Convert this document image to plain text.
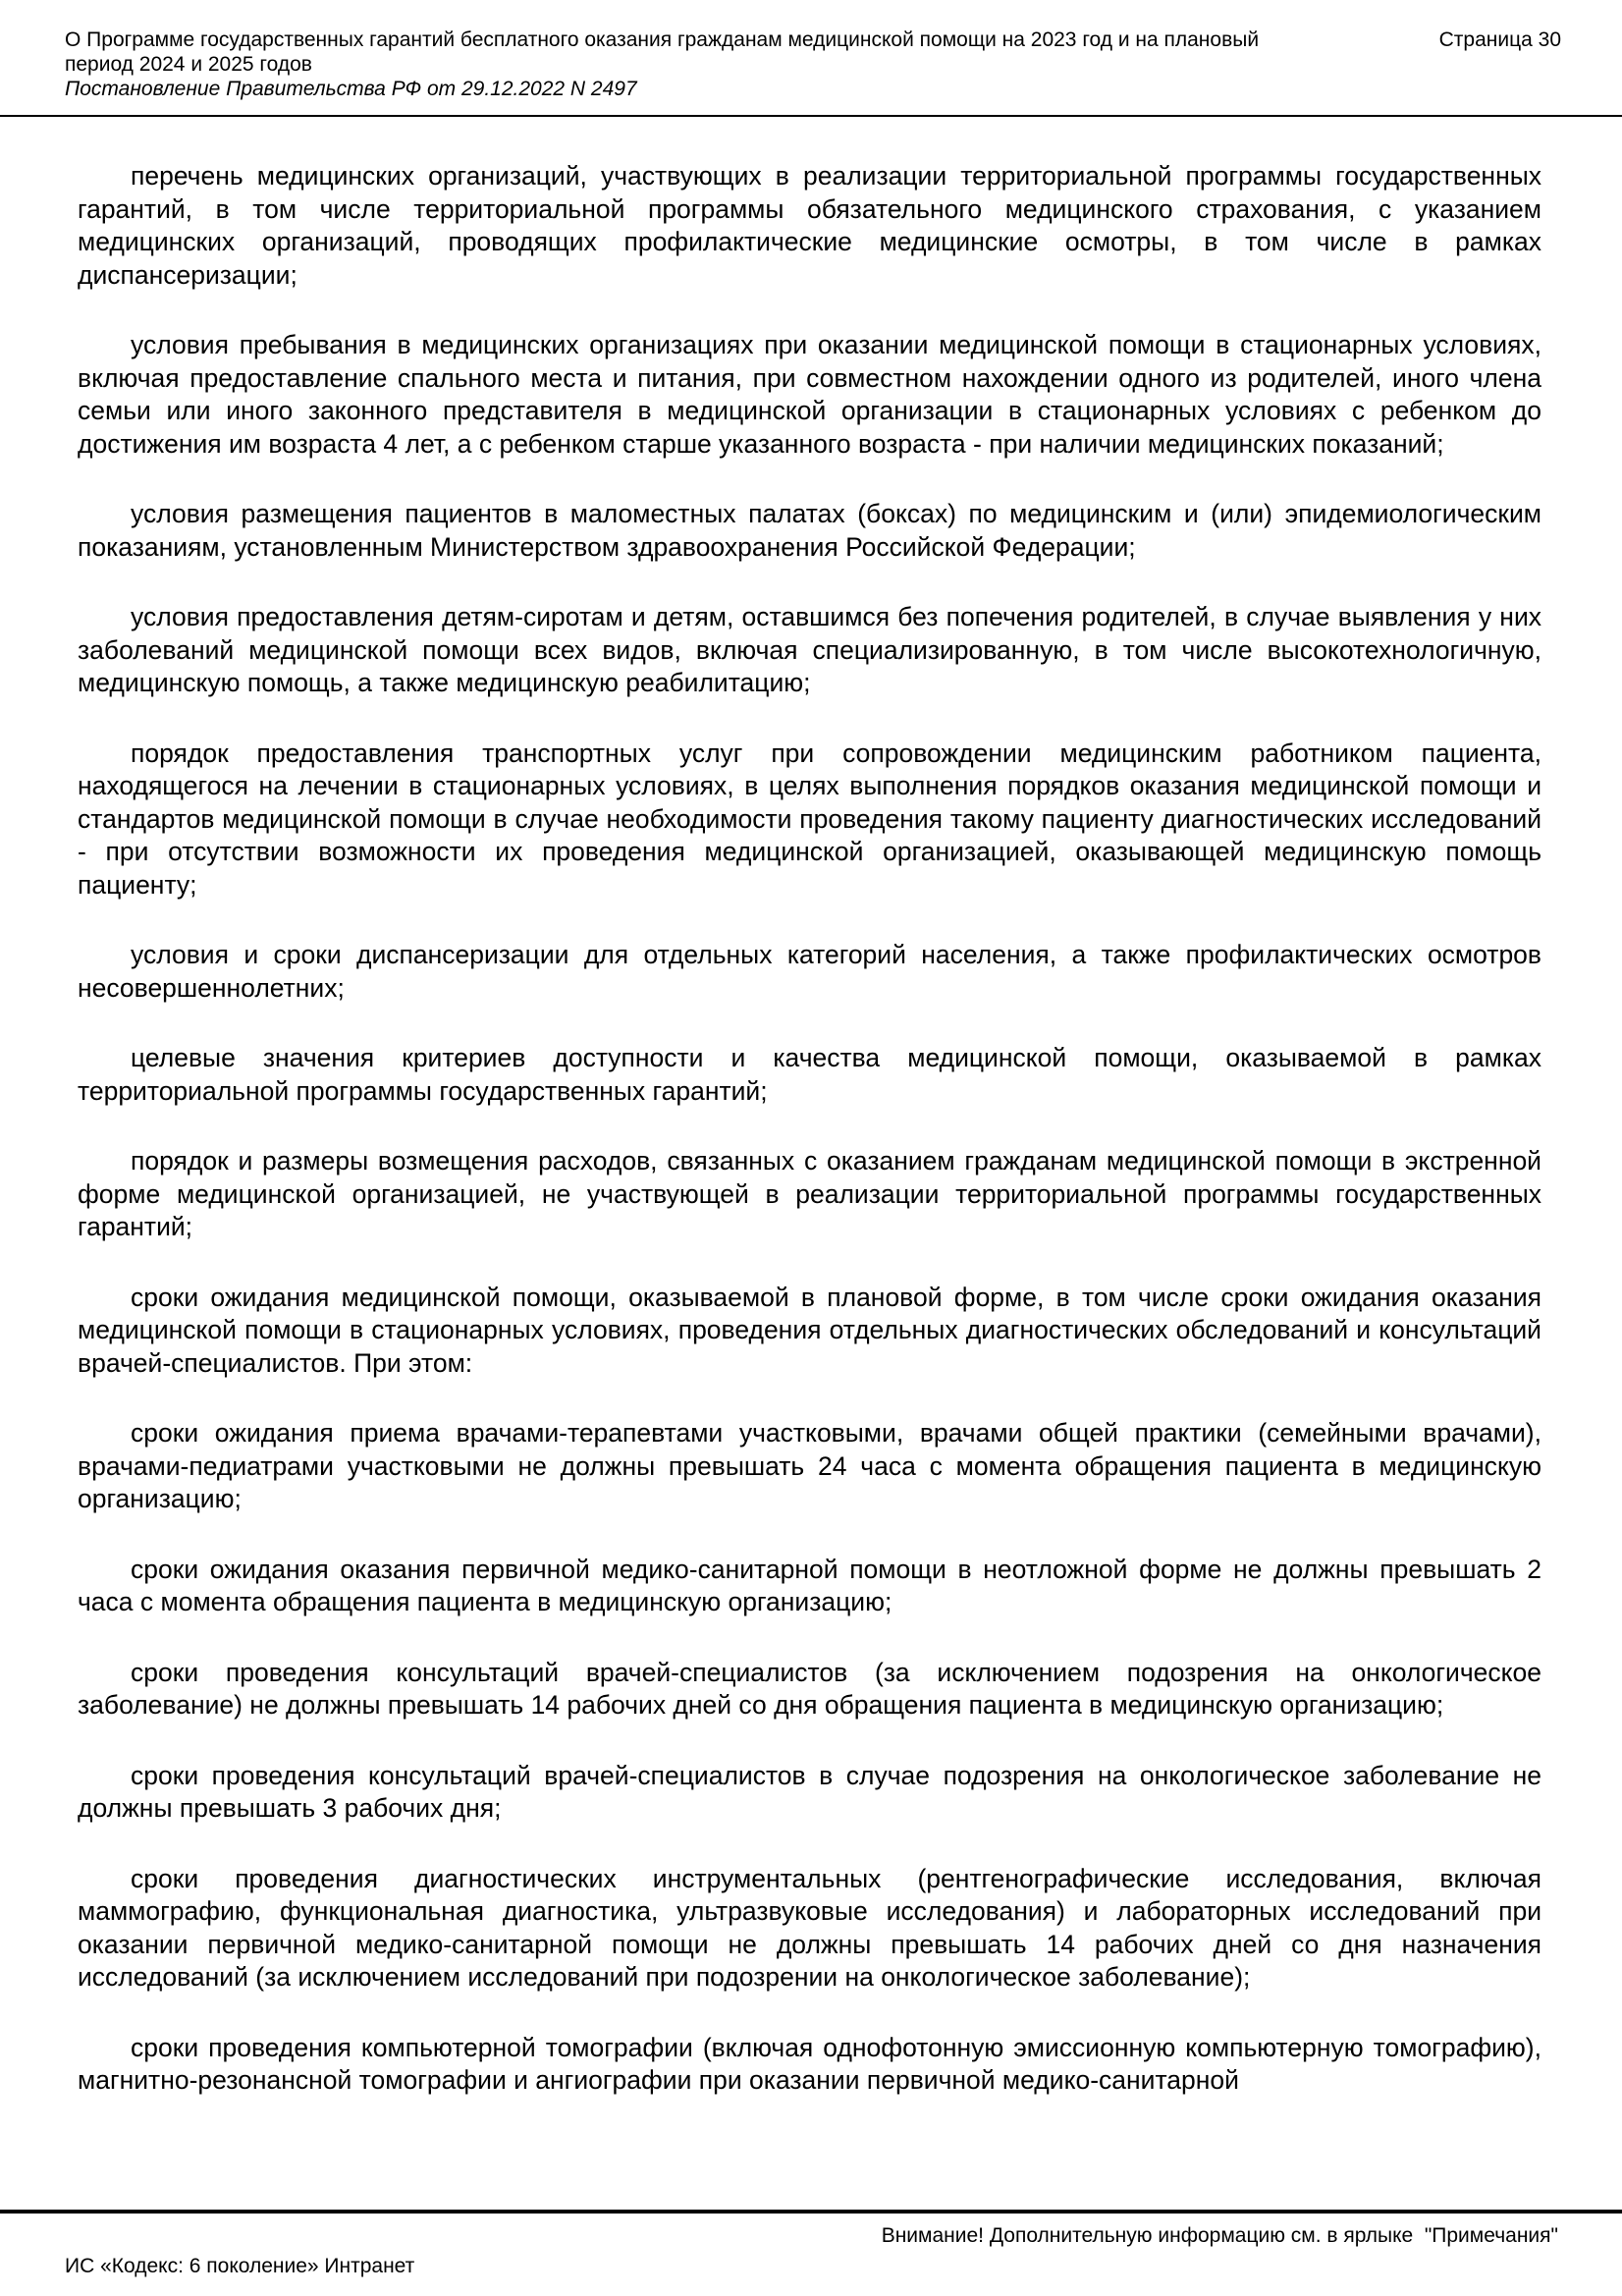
О Программе государственных гарантий бесплатного оказания гражданам медицинской помощи на 2023 год и на плановый период 2024 и 2025 годов
Страница 30
Постановление Правительства РФ от 29.12.2022 N 2497

перечень медицинских организаций, участвующих в реализации территориальной программы государственных гарантий, в том числе территориальной программы обязательного медицинского страхования, с указанием медицинских организаций, проводящих профилактические медицинские осмотры, в том числе в рамках диспансеризации;

условия пребывания в медицинских организациях при оказании медицинской помощи в стационарных условиях, включая предоставление спального места и питания, при совместном нахождении одного из родителей, иного члена семьи или иного законного представителя в медицинской организации в стационарных условиях с ребенком до достижения им возраста 4 лет, а с ребенком старше указанного возраста - при наличии медицинских показаний;

условия размещения пациентов в маломестных палатах (боксах) по медицинским и (или) эпидемиологическим показаниям, установленным Министерством здравоохранения Российской Федерации;

условия предоставления детям-сиротам и детям, оставшимся без попечения родителей, в случае выявления у них заболеваний медицинской помощи всех видов, включая специализированную, в том числе высокотехнологичную, медицинскую помощь, а также медицинскую реабилитацию;

порядок предоставления транспортных услуг при сопровождении медицинским работником пациента, находящегося на лечении в стационарных условиях, в целях выполнения порядков оказания медицинской помощи и стандартов медицинской помощи в случае необходимости проведения такому пациенту диагностических исследований - при отсутствии возможности их проведения медицинской организацией, оказывающей медицинскую помощь пациенту;

условия и сроки диспансеризации для отдельных категорий населения, а также профилактических осмотров несовершеннолетних;

целевые значения критериев доступности и качества медицинской помощи, оказываемой в рамках территориальной программы государственных гарантий;

порядок и размеры возмещения расходов, связанных с оказанием гражданам медицинской помощи в экстренной форме медицинской организацией, не участвующей в реализации территориальной программы государственных гарантий;

сроки ожидания медицинской помощи, оказываемой в плановой форме, в том числе сроки ожидания оказания медицинской помощи в стационарных условиях, проведения отдельных диагностических обследований и консультаций врачей-специалистов. При этом:

сроки ожидания приема врачами-терапевтами участковыми, врачами общей практики (семейными врачами), врачами-педиатрами участковыми не должны превышать 24 часа с момента обращения пациента в медицинскую организацию;

сроки ожидания оказания первичной медико-санитарной помощи в неотложной форме не должны превышать 2 часа с момента обращения пациента в медицинскую организацию;

сроки проведения консультаций врачей-специалистов (за исключением подозрения на онкологическое заболевание) не должны превышать 14 рабочих дней со дня обращения пациента в медицинскую организацию;

сроки проведения консультаций врачей-специалистов в случае подозрения на онкологическое заболевание не должны превышать 3 рабочих дня;

сроки проведения диагностических инструментальных (рентгенографические исследования, включая маммографию, функциональная диагностика, ультразвуковые исследования) и лабораторных исследований при оказании первичной медико-санитарной помощи не должны превышать 14 рабочих дней со дня назначения исследований (за исключением исследований при подозрении на онкологическое заболевание);

сроки проведения компьютерной томографии (включая однофотонную эмиссионную компьютерную томографию), магнитно-резонансной томографии и ангиографии при оказании первичной медико-санитарной

Внимание! Дополнительную информацию см. в ярлыке  "Примечания"
ИС «Кодекс: 6 поколение» Интранет
